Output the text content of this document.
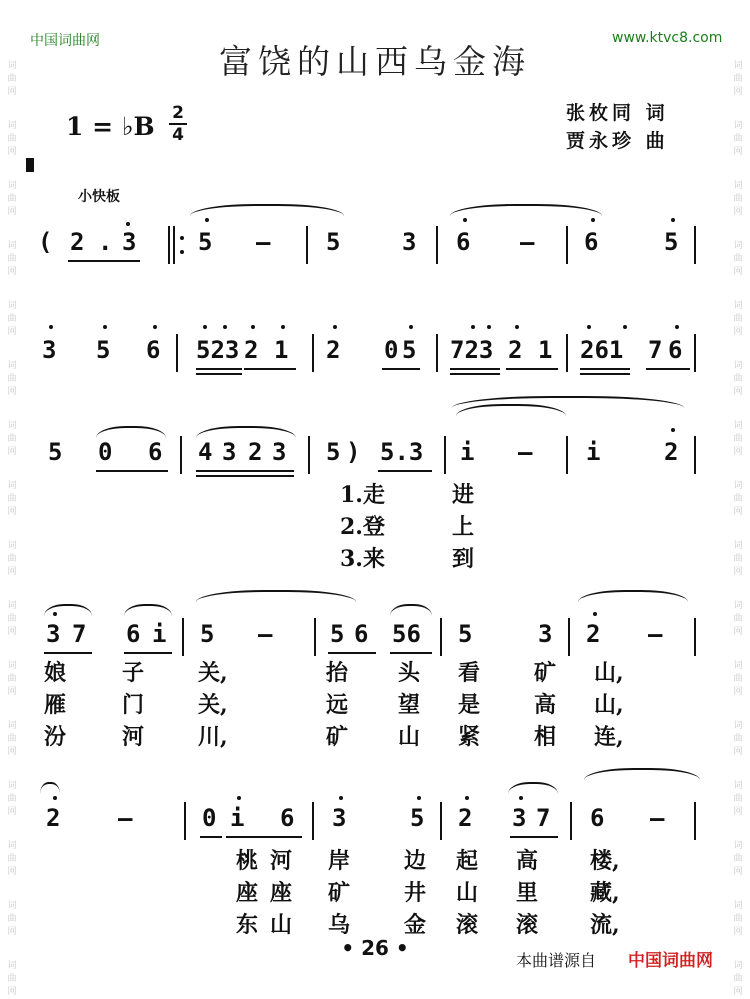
词
曲
网
词
曲
网
词
曲
网
词
曲
网
词
曲
网
词
曲
网
词
曲
网
词
曲
网
词
曲
网
词
曲
网
词
曲
网
词
曲
网
词
曲
网
词
曲
网
词
曲
网
词
曲
网
词
曲
网
词
曲
网
词
曲
网
词
曲
网
词
曲
网
词
曲
网
词
曲
网
词
曲
网
词
曲
网
词
曲
网
词
曲
网
词
曲
网
词
曲
网
词
曲
网
词
曲
网
词
曲
网
中国词曲网	www.ktvc8.com
富饶的山西乌金海
1 = ♭B	2
4
张枚同 词
贾永珍 曲
小快板
( 2 . 3	5 — 5	3 6 — 6	5
3 5 6 523 2 1 2 0 5 723 2 1 261 7 6
5 0 6 4 3 2 3 5 ) 5.3 i — i	2
3 7 6 i 5 — 5 6 56 5	3 2 —
2 —	0 i 6 3	5 2 3 7 6 —
1.走	进
2.登	上
3.来	到
娘	子 关,	抬 头 看 矿 山,
雁	门 关,	远 望 是 高 山,
汾	河 川,	矿 山 紧 相 连,
桃 河 岸 边 起 高 楼,
座 座 矿 井 山 里 藏,
东 山 乌 金 滚 滚 流,
• 26 •
本曲谱源自 中国词曲网
